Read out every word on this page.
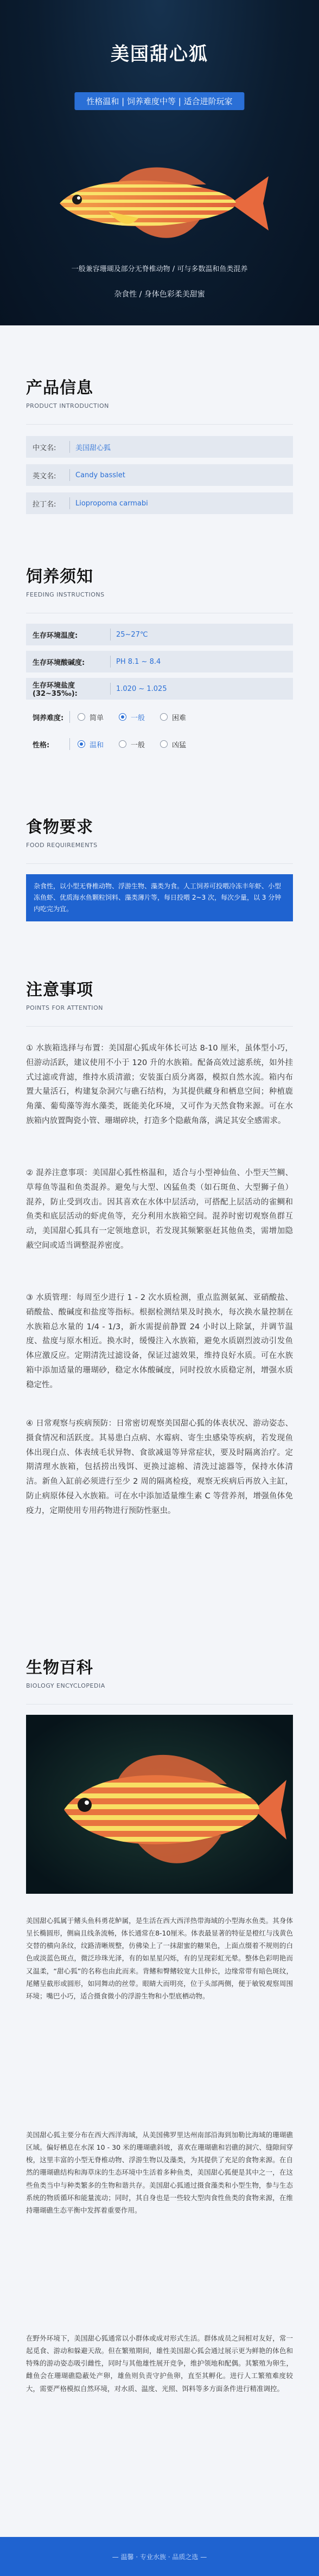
美国甜心狐
性格温和 | 饲养难度中等 | 适合进阶玩家
一般兼容珊瑚及部分无脊椎动物 / 可与多数温和鱼类混养
杂食性 / 身体色彩柔美甜蜜
产品信息
PRODUCT INTRODUCTION
中文名:	美国甜心狐
英文名:	Candy basslet
拉丁名:	Liopropoma carmabi
饲养须知
FEEDING INSTRUCTIONS
生存环境温度:	25~27℃
生存环境酸碱度:	PH 8.1 ~ 8.4
生存环境盐度(32~35‰):
1.020 ~ 1.025
饲养难度:	简单	一般	困难
性格:	温和	一般	凶猛
食物要求
FOOD REQUIREMENTS
杂食性，以小型无脊椎动物、浮游生物、藻类为食。人工饲养可投喂冷冻丰年虾、小型冻鱼虾、优质海水鱼颗粒饲料、藻类薄片等，每日投喂 2~3 次，每次少量，以 3 分钟内吃完为宜。
注意事项
POINTS FOR ATTENTION
① 水族箱选择与布置：美国甜心狐成年体长可达 8-10 厘米，虽体型小巧，但游动活跃，建议使用不小于 120 升的水族箱。配备高效过滤系统，如外挂式过滤或背滤，维持水质清澈；安装蛋白质分离器，模拟自然水流。箱内布置大量活石，构建复杂洞穴与礁石结构，为其提供藏身和栖息空间；种植鹿角藻、葡萄藻等海水藻类，既能美化环境，又可作为天然食物来源。可在水族箱内放置陶瓷小管、珊瑚碎块，打造多个隐蔽角落，满足其安全感需求。
② 混养注意事项：美国甜心狐性格温和，适合与小型神仙鱼、小型天竺鲷、草莓鱼等温和鱼类混养。避免与大型、凶猛鱼类（如石斑鱼、大型狮子鱼）混养，防止受到攻击。因其喜欢在水体中层活动，可搭配上层活动的雀鲷和鱼类和底层活动的虾虎鱼等，充分利用水族箱空间。混养时密切观察鱼群互动，美国甜心狐具有一定领地意识，若发现其频繁驱赶其他鱼类，需增加隐蔽空间或适当调整混养密度。
③ 水质管理：每周至少进行 1 - 2 次水质检测，重点监测氨氮、亚硝酸盐、硝酸盐、酸碱度和盐度等指标。根据检测结果及时换水，每次换水量控制在水族箱总水量的 1/4 - 1/3，新水需提前静置 24 小时以上除氯，并调节温度、盐度与原水相近。换水时，缓慢注入水族箱，避免水质剧烈波动引发鱼体应激反应。定期清洗过滤设备，保证过滤效果，维持良好水质。可在水族箱中添加适量的珊瑚砂，稳定水体酸碱度，同时投放水质稳定剂，增强水质稳定性。
④ 日常观察与疾病预防：日常密切观察美国甜心狐的体表状况、游动姿态、摄食情况和活跃度。其易患白点病、水霉病、寄生虫感染等疾病，若发现鱼体出现白点、体表绒毛状异物、食欲减退等异常症状，要及时隔离治疗。定期清理水族箱，包括捞出残饵、更换过滤棉、清洗过滤器等，保持水体清洁。新鱼入缸前必须进行至少 2 周的隔离检疫，观察无疾病后再放入主缸，防止病原体侵入水族箱。可在水中添加适量维生素 C 等营养剂，增强鱼体免疫力，定期使用专用药物进行预防性驱虫。
生物百科
BIOLOGY ENCYCLOPEDIA
美国甜心狐属于鳍头鱼科勇花鲈属，是生活在西大西洋热带海域的小型海水鱼类。其身体呈长椭圆形，侧扁且线条流畅，体长通常在8-10厘米。体表最显著的特征是橙红与浅黄色交替的横向条纹，纹路清晰规整，仿佛染上了一抹甜蜜的糖果色，上面点缀着不规则的白色或淡蓝色斑点，微泛珍珠光泽，有的如星星闪烁，有的呈现彩虹光晕。整体色彩明艳而又温柔，“甜心狐”的名称也由此而来。背鳍和臀鳍较宽大且伸长，边缘常带有暗色斑纹，尾鳍呈截形或圆形，如同舞动的丝带。眼睛大而明亮，位于头部两侧，便于敏锐观察周围环境；嘴巴小巧，适合摄食微小的浮游生物和小型底栖动物。
美国甜心狐主要分布在西大西洋海域，从美国佛罗里达州南部沿海到加勒比海域的珊瑚礁区域。偏好栖息在水深 10 - 30 米的珊瑚礁斜坡，喜欢在珊瑚礁和岩礁的洞穴、缝隙间穿梭，这里丰富的小型无脊椎动物、浮游生物以及藻类，为其提供了充足的食物来源。在自然的珊瑚礁结构和海草床的生态环境中生活着多种鱼类，美国甜心狐便是其中之一，在这些鱼类当中与种类繁多的生物和谐共存。美国甜心狐通过摄食藻类和小型生物，参与生态系统的物质循环和能量流动；同时，其自身也是一些较大型肉食性鱼类的食物来源，在维持珊瑚礁生态平衡中发挥着重要作用。
在野外环境下，美国甜心狐通常以小群体或成对形式生活。群体成员之间相对友好，常一起觅食、游动和躲避天敌。但在繁殖期间，雄性美国甜心狐会通过展示更为鲜艳的体色和特殊的游动姿态吸引雌性，同时与其他雄性展开竞争，维护领地和配偶。其繁殖为卵生，雌鱼会在珊瑚礁隐蔽处产卵，雄鱼则负责守护鱼卵，直至其孵化。进行人工繁殖难度较大，需要严格模拟自然环境，对水质、温度、光照、饵料等多方面条件进行精准调控。
— 温馨 · 专业水族 · 品质之选 —
